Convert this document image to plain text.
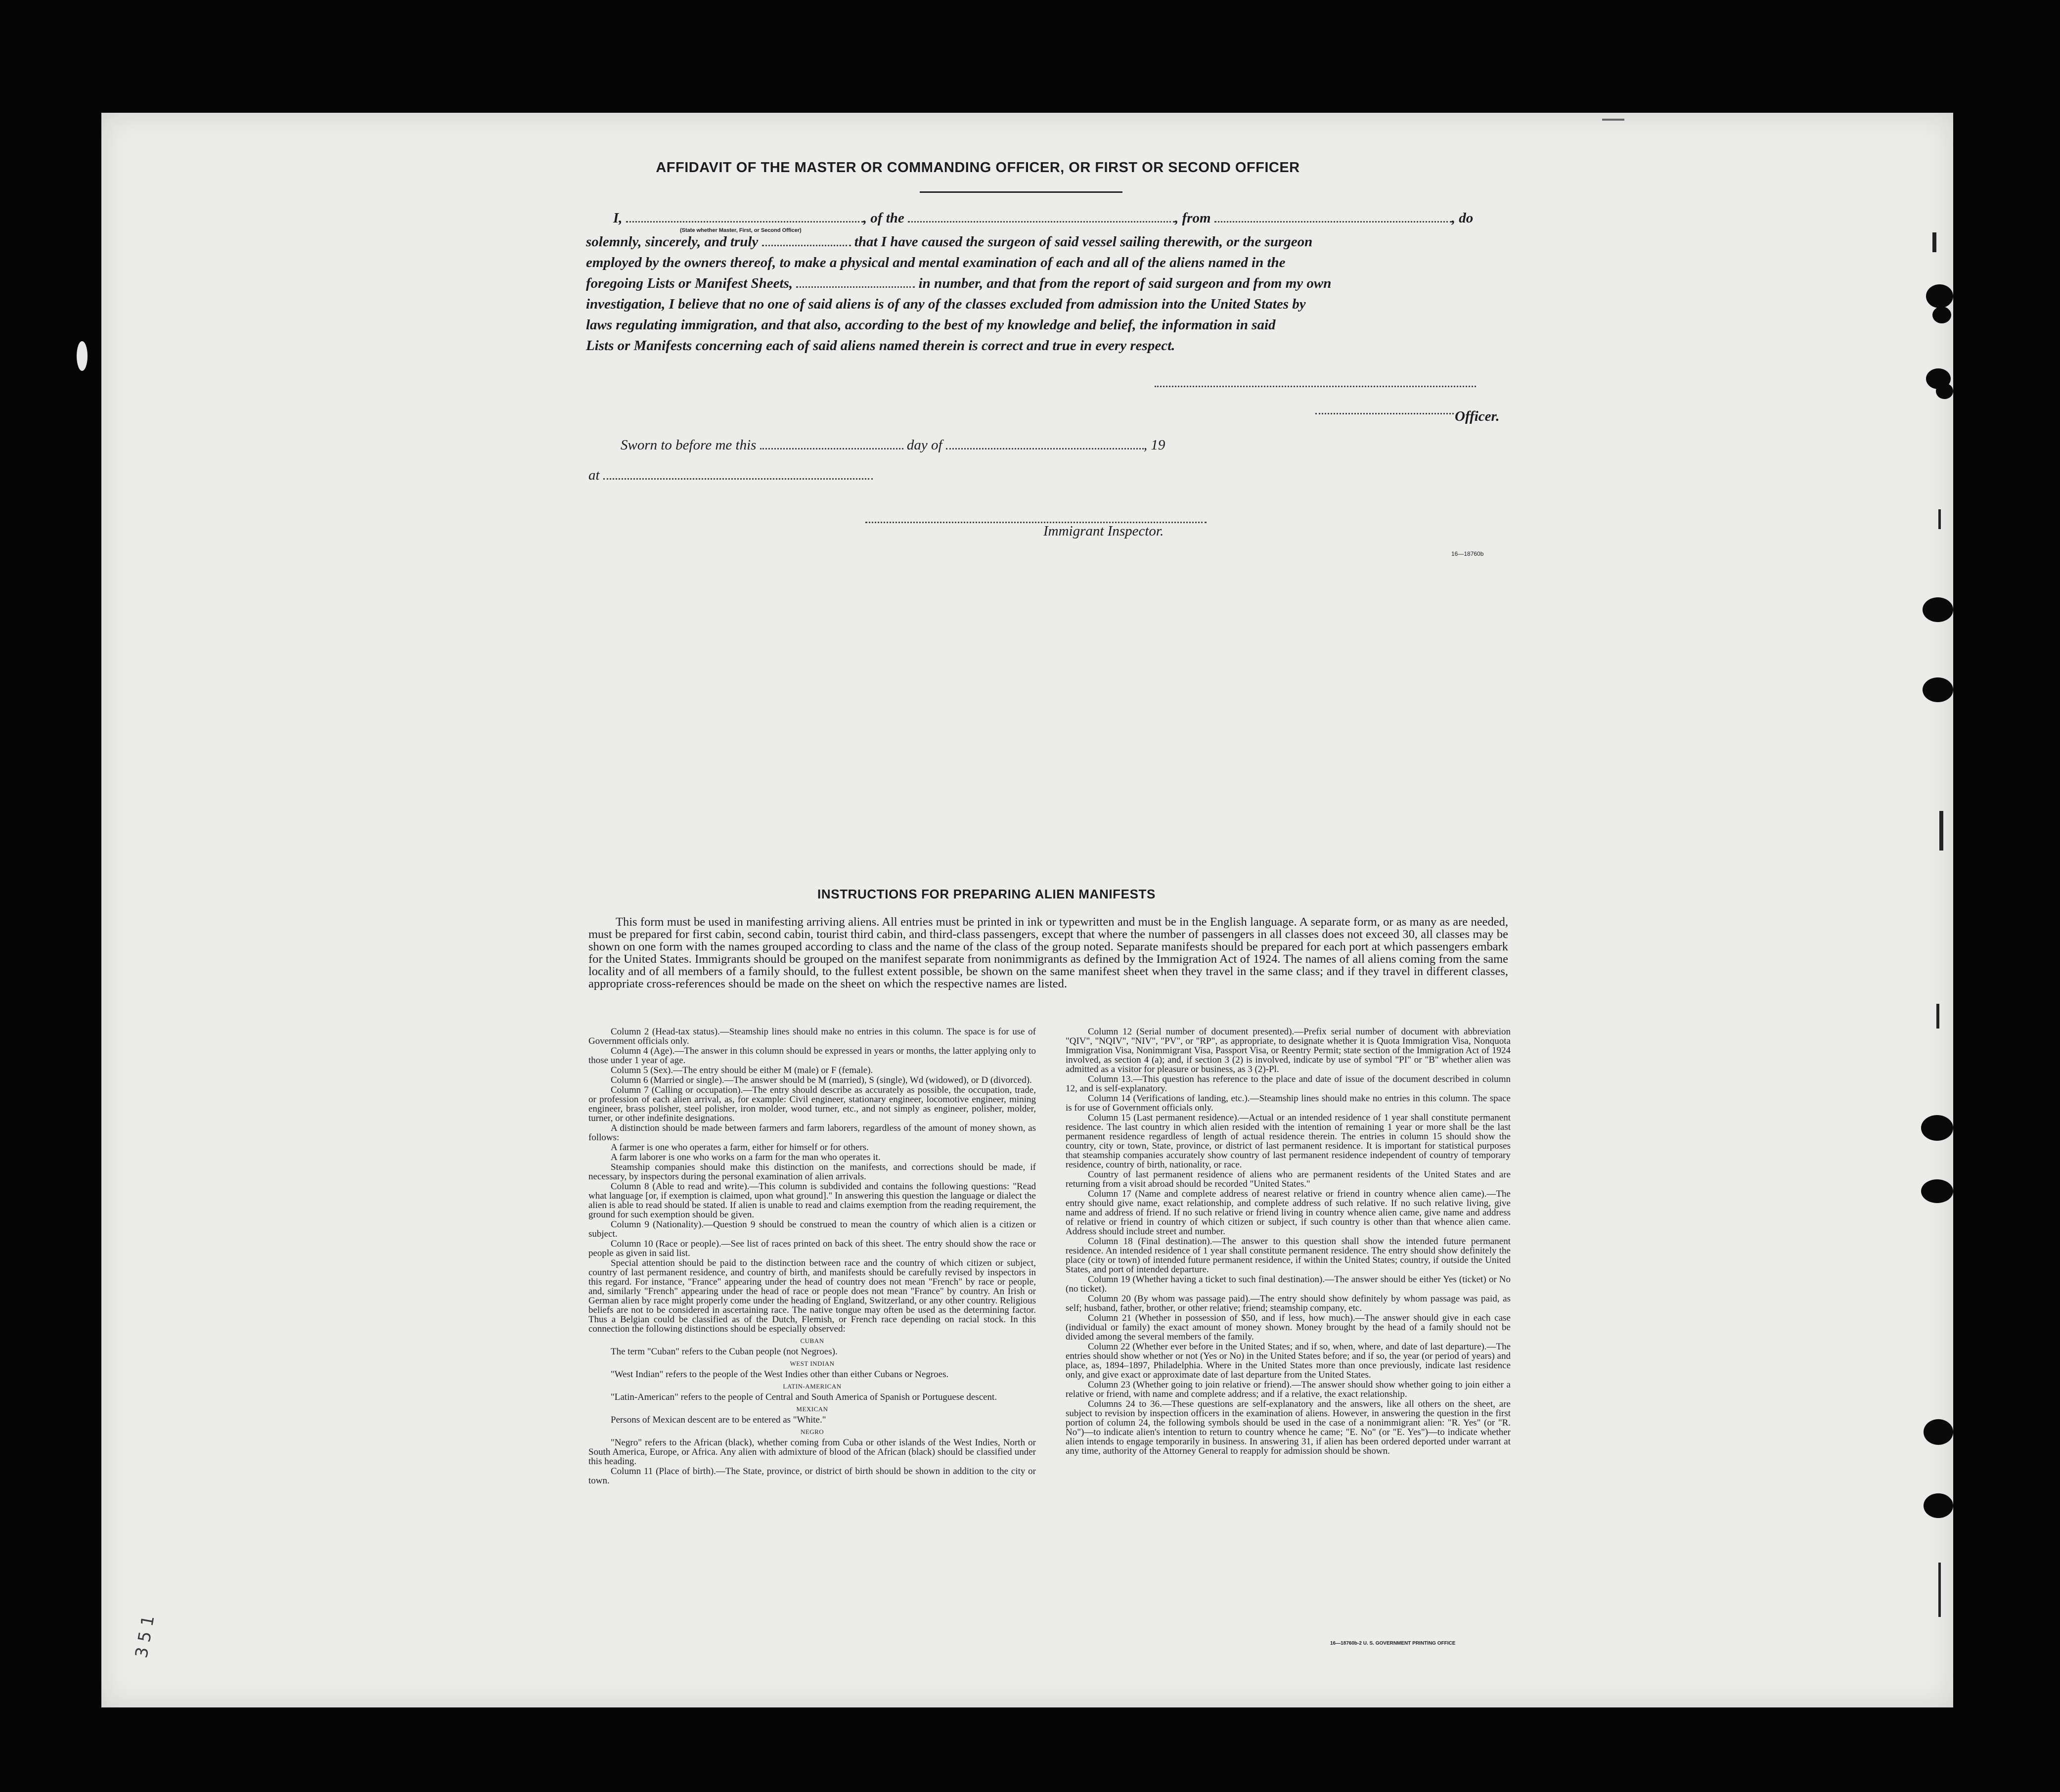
AFFIDAVIT OF THE MASTER OR COMMANDING OFFICER, OR FIRST OR SECOND OFFICER
I,	, of the	, from	, do
(State whether Master, First, or Second Officer)
solemnly, sincerely, and truly	that I have caused the surgeon of said vessel sailing therewith, or the surgeon
employed by the owners thereof, to make a physical and mental examination of each and all of the aliens named in the
foregoing Lists or Manifest Sheets,	in number, and that from the report of said surgeon and from my own
investigation, I believe that no one of said aliens is of any of the classes excluded from admission into the United States by
laws regulating immigration, and that also, according to the best of my knowledge and belief, the information in said
Lists or Manifests concerning each of said aliens named therein is correct and true in every respect.
Officer.
Sworn to before me this	day of	, 19
at
Immigrant Inspector.
16—18760b
INSTRUCTIONS FOR PREPARING ALIEN MANIFESTS
This form must be used in manifesting arriving aliens. All entries must be printed in ink or typewritten and must be in the English language. A separate form, or as many as are needed, must be prepared for first cabin, second cabin, tourist third cabin, and third-class passengers, except that where the number of passengers in all classes does not exceed 30, all classes may be shown on one form with the names grouped according to class and the name of the class of the group noted. Separate manifests should be prepared for each port at which passengers embark for the United States. Immigrants should be grouped on the manifest separate from nonimmigrants as defined by the Immigration Act of 1924. The names of all aliens coming from the same locality and of all members of a family should, to the fullest extent possible, be shown on the same manifest sheet when they travel in the same class; and if they travel in different classes, appropriate cross-references should be made on the sheet on which the respective names are listed.

Column 2 (Head-tax status).—Steamship lines should make no entries in this column. The space is for use of Government officials only.

Column 4 (Age).—The answer in this column should be expressed in years or months, the latter applying only to those under 1 year of age.

Column 5 (Sex).—The entry should be either M (male) or F (female).

Column 6 (Married or single).—The answer should be M (married), S (single), Wd (widowed), or D (divorced).

Column 7 (Calling or occupation).—The entry should describe as accurately as possible, the occupation, trade, or profession of each alien arrival, as, for example: Civil engineer, stationary engineer, locomotive engineer, mining engineer, brass polisher, steel polisher, iron molder, wood turner, etc., and not simply as engineer, polisher, molder, turner, or other indefinite designations.

A distinction should be made between farmers and farm laborers, regardless of the amount of money shown, as follows:

A farmer is one who operates a farm, either for himself or for others.

A farm laborer is one who works on a farm for the man who operates it.

Steamship companies should make this distinction on the manifests, and corrections should be made, if necessary, by inspectors during the personal examination of alien arrivals.

Column 8 (Able to read and write).—This column is subdivided and contains the following questions: "Read what language [or, if exemption is claimed, upon what ground]." In answering this question the language or dialect the alien is able to read should be stated. If alien is unable to read and claims exemption from the reading requirement, the ground for such exemption should be given.

Column 9 (Nationality).—Question 9 should be construed to mean the country of which alien is a citizen or subject.

Column 10 (Race or people).—See list of races printed on back of this sheet. The entry should show the race or people as given in said list.

Special attention should be paid to the distinction between race and the country of which citizen or subject, country of last permanent residence, and country of birth, and manifests should be carefully revised by inspectors in this regard. For instance, "France" appearing under the head of country does not mean "French" by race or people, and, similarly "French" appearing under the head of race or people does not mean "France" by country. An Irish or German alien by race might properly come under the heading of England, Switzerland, or any other country. Religious beliefs are not to be considered in ascertaining race. The native tongue may often be used as the determining factor. Thus a Belgian could be classified as of the Dutch, Flemish, or French race depending on racial stock. In this connection the following distinctions should be especially observed:

CUBAN

The term "Cuban" refers to the Cuban people (not Negroes).

WEST INDIAN

"West Indian" refers to the people of the West Indies other than either Cubans or Negroes.

LATIN-AMERICAN

"Latin-American" refers to the people of Central and South America of Spanish or Portuguese descent.

MEXICAN

Persons of Mexican descent are to be entered as "White."

NEGRO

"Negro" refers to the African (black), whether coming from Cuba or other islands of the West Indies, North or South America, Europe, or Africa. Any alien with admixture of blood of the African (black) should be classified under this heading.

Column 11 (Place of birth).—The State, province, or district of birth should be shown in addition to the city or town.

Column 12 (Serial number of document presented).—Prefix serial number of document with abbreviation "QIV", "NQIV", "NIV", "PV", or "RP", as appropriate, to designate whether it is Quota Immigration Visa, Nonquota Immigration Visa, Nonimmigrant Visa, Passport Visa, or Reentry Permit; state section of the Immigration Act of 1924 involved, as section 4 (a); and, if section 3 (2) is involved, indicate by use of symbol "PI" or "B" whether alien was admitted as a visitor for pleasure or business, as 3 (2)-Pl.

Column 13.—This question has reference to the place and date of issue of the document described in column 12, and is self-explanatory.

Column 14 (Verifications of landing, etc.).—Steamship lines should make no entries in this column. The space is for use of Government officials only.

Column 15 (Last permanent residence).—Actual or an intended residence of 1 year shall constitute permanent residence. The last country in which alien resided with the intention of remaining 1 year or more shall be the last permanent residence regardless of length of actual residence therein. The entries in column 15 should show the country, city or town, State, province, or district of last permanent residence. It is important for statistical purposes that steamship companies accurately show country of last permanent residence independent of country of temporary residence, country of birth, nationality, or race.

Country of last permanent residence of aliens who are permanent residents of the United States and are returning from a visit abroad should be recorded "United States."

Column 17 (Name and complete address of nearest relative or friend in country whence alien came).—The entry should give name, exact relationship, and complete address of such relative. If no such relative living, give name and address of friend. If no such relative or friend living in country whence alien came, give name and address of relative or friend in country of which citizen or subject, if such country is other than that whence alien came. Address should include street and number.

Column 18 (Final destination).—The answer to this question shall show the intended future permanent residence. An intended residence of 1 year shall constitute permanent residence. The entry should show definitely the place (city or town) of intended future permanent residence, if within the United States; country, if outside the United States, and port of intended departure.

Column 19 (Whether having a ticket to such final destination).—The answer should be either Yes (ticket) or No (no ticket).

Column 20 (By whom was passage paid).—The entry should show definitely by whom passage was paid, as self; husband, father, brother, or other relative; friend; steamship company, etc.

Column 21 (Whether in possession of $50, and if less, how much).—The answer should give in each case (individual or family) the exact amount of money shown. Money brought by the head of a family should not be divided among the several members of the family.

Column 22 (Whether ever before in the United States; and if so, when, where, and date of last departure).—The entries should show whether or not (Yes or No) in the United States before; and if so, the year (or period of years) and place, as, 1894–1897, Philadelphia. Where in the United States more than once previously, indicate last residence only, and give exact or approximate date of last departure from the United States.

Column 23 (Whether going to join relative or friend).—The answer should show whether going to join either a relative or friend, with name and complete address; and if a relative, the exact relationship.

Columns 24 to 36.—These questions are self-explanatory and the answers, like all others on the sheet, are subject to revision by inspection officers in the examination of aliens. However, in answering the question in the first portion of column 24, the following symbols should be used in the case of a nonimmigrant alien: "R. Yes" (or "R. No")—to indicate alien's intention to return to country whence he came; "E. No" (or "E. Yes")—to indicate whether alien intends to engage temporarily in business. In answering 31, if alien has been ordered deported under warrant at any time, authority of the Attorney General to reapply for admission should be shown.

16—18760b-2 U. S. GOVERNMENT PRINTING OFFICE
3 5 1
